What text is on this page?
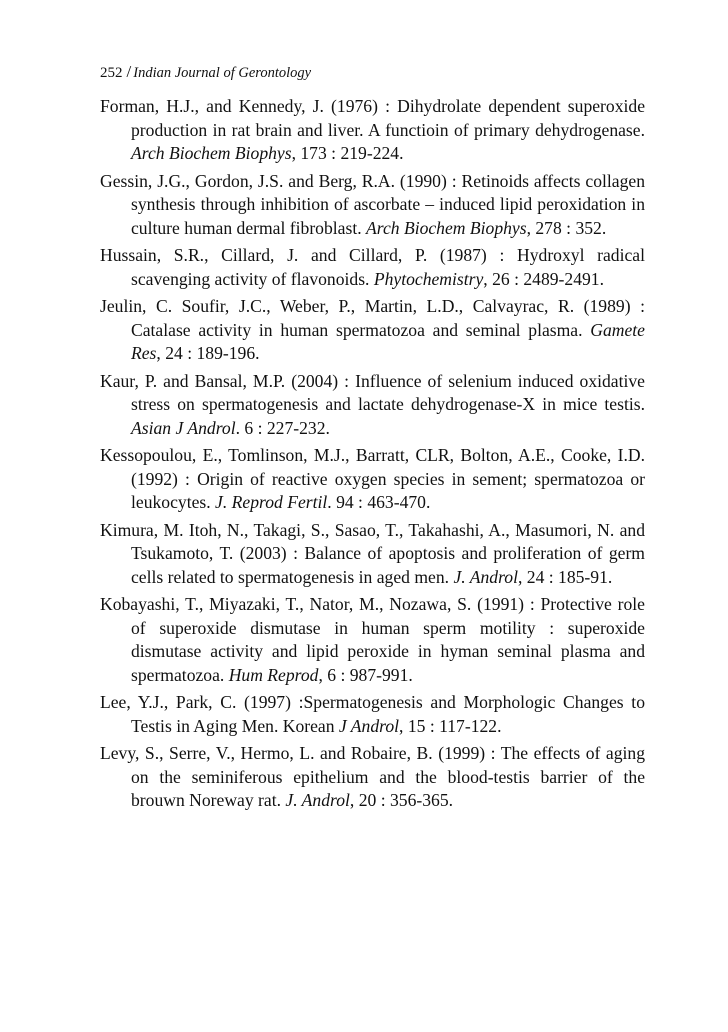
252 / Indian Journal of Gerontology
Forman, H.J., and Kennedy, J. (1976) : Dihydrolate dependent superoxide production in rat brain and liver. A functioin of primary dehydrogenase. Arch Biochem Biophys, 173 : 219-224.
Gessin, J.G., Gordon, J.S. and Berg, R.A. (1990) : Retinoids affects collagen synthesis through inhibition of ascorbate – induced lipid peroxidation in culture human dermal fibroblast. Arch Biochem Biophys, 278 : 352.
Hussain, S.R., Cillard, J. and Cillard, P. (1987) : Hydroxyl radical scavenging activity of flavonoids. Phytochemistry, 26 : 2489-2491.
Jeulin, C. Soufir, J.C., Weber, P., Martin, L.D., Calvayrac, R. (1989) : Catalase activity in human spermatozoa and seminal plasma. Gamete Res, 24 : 189-196.
Kaur, P. and Bansal, M.P. (2004) : Influence of selenium induced oxidative stress on spermatogenesis and lactate dehydrogenase-X in mice testis. Asian J Androl. 6 : 227-232.
Kessopoulou, E., Tomlinson, M.J., Barratt, CLR, Bolton, A.E., Cooke, I.D. (1992) : Origin of reactive oxygen species in sement; spermatozoa or leukocytes. J. Reprod Fertil. 94 : 463-470.
Kimura, M. Itoh, N., Takagi, S., Sasao, T., Takahashi, A., Masumori, N. and Tsukamoto, T. (2003) : Balance of apoptosis and proliferation of germ cells related to spermatogenesis in aged men. J. Androl, 24 : 185-91.
Kobayashi, T., Miyazaki, T., Nator, M., Nozawa, S. (1991) : Protective role of superoxide dismutase in human sperm motility : superoxide dismutase activity and lipid peroxide in hyman seminal plasma and spermatozoa. Hum Reprod, 6 : 987-991.
Lee, Y.J., Park, C. (1997) :Spermatogenesis and Morphologic Changes to Testis in Aging Men. Korean J Androl, 15 : 117-122.
Levy, S., Serre, V., Hermo, L. and Robaire, B. (1999) : The effects of aging on the seminiferous epithelium and the blood-testis barrier of the brouwn Noreway rat. J. Androl, 20 : 356-365.
